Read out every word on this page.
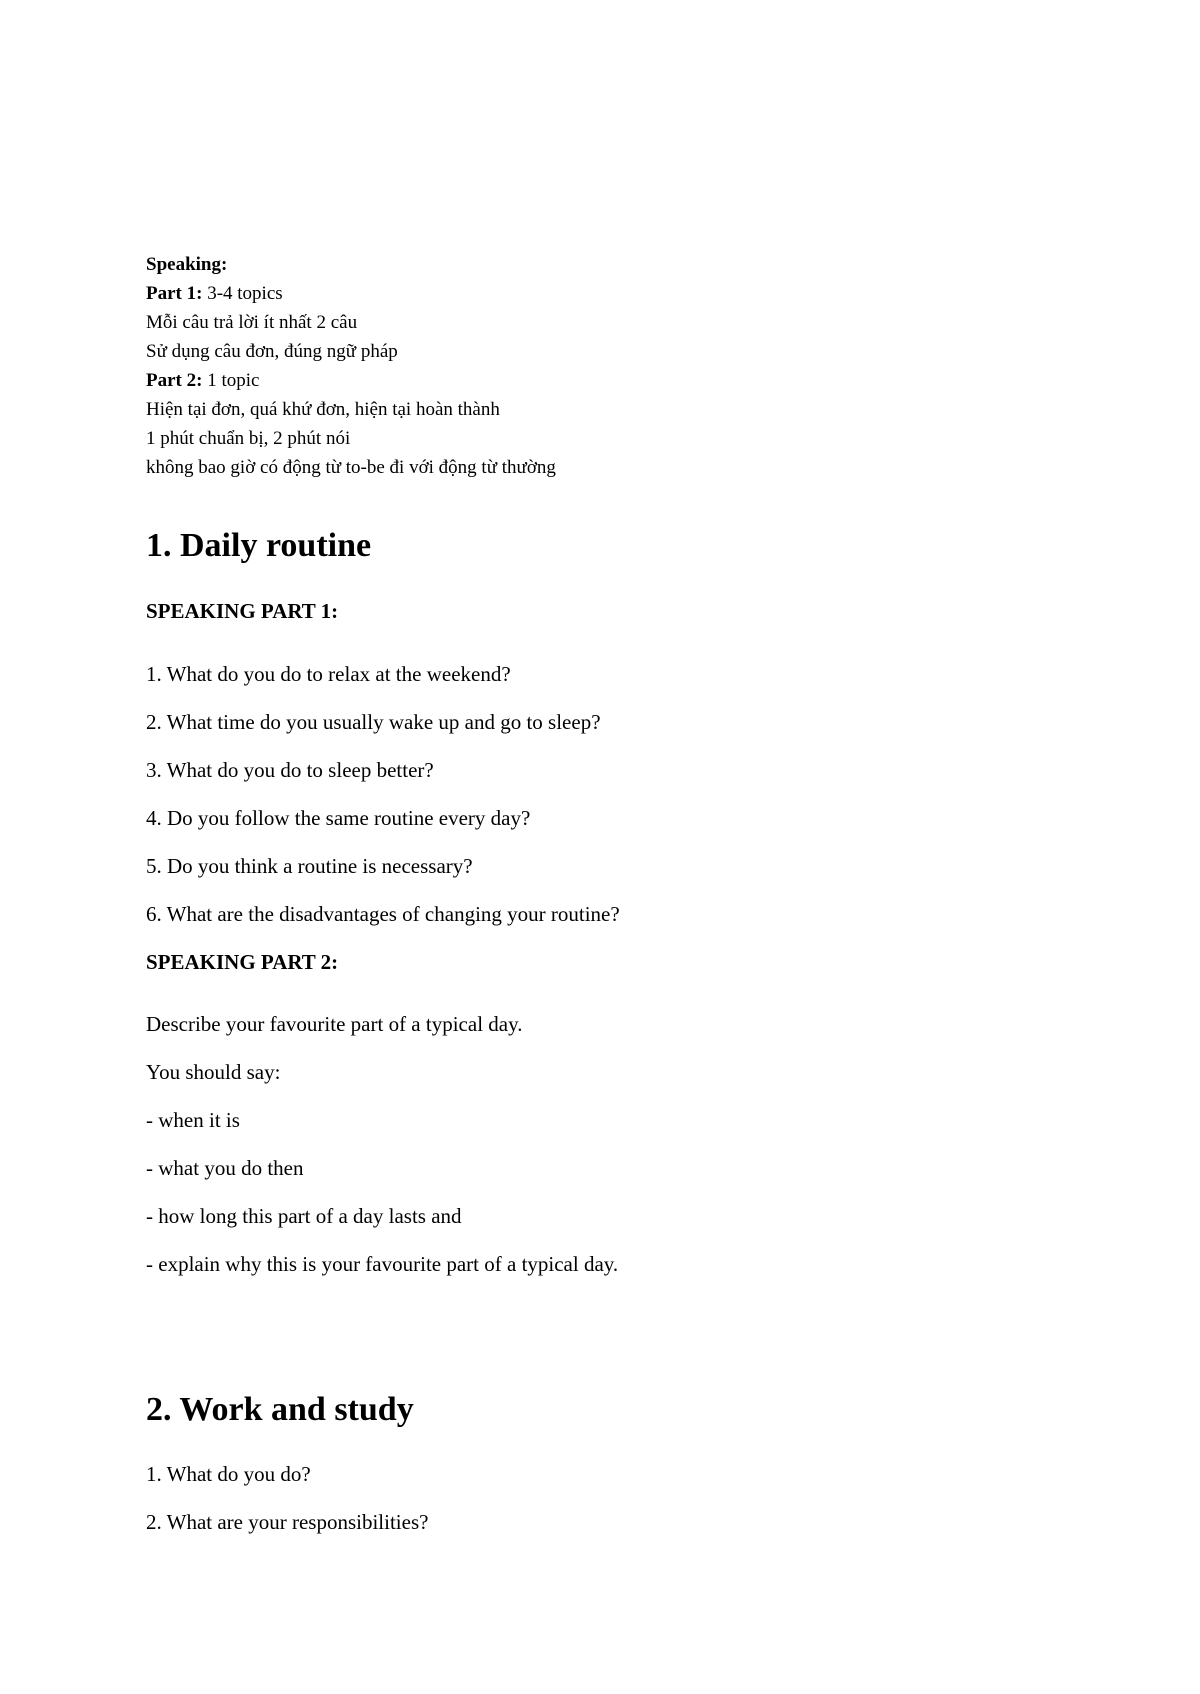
Speaking:
Part 1: 3-4 topics
Mỗi câu trả lời ít nhất 2 câu
Sử dụng câu đơn, đúng ngữ pháp
Part 2: 1 topic
Hiện tại đơn, quá khứ đơn, hiện tại hoàn thành
1 phút chuẩn bị, 2 phút nói
không bao giờ có động từ to-be đi với động từ thường
1. Daily routine
SPEAKING PART 1:
1. What do you do to relax at the weekend?
2. What time do you usually wake up and go to sleep?
3. What do you do to sleep better?
4. Do you follow the same routine every day?
5. Do you think a routine is necessary?
6. What are the disadvantages of changing your routine?
SPEAKING PART 2:
Describe your favourite part of a typical day.
You should say:
- when it is
- what you do then
- how long this part of a day lasts and
- explain why this is your favourite part of a typical day.
2. Work and study
1. What do you do?
2. What are your responsibilities?
